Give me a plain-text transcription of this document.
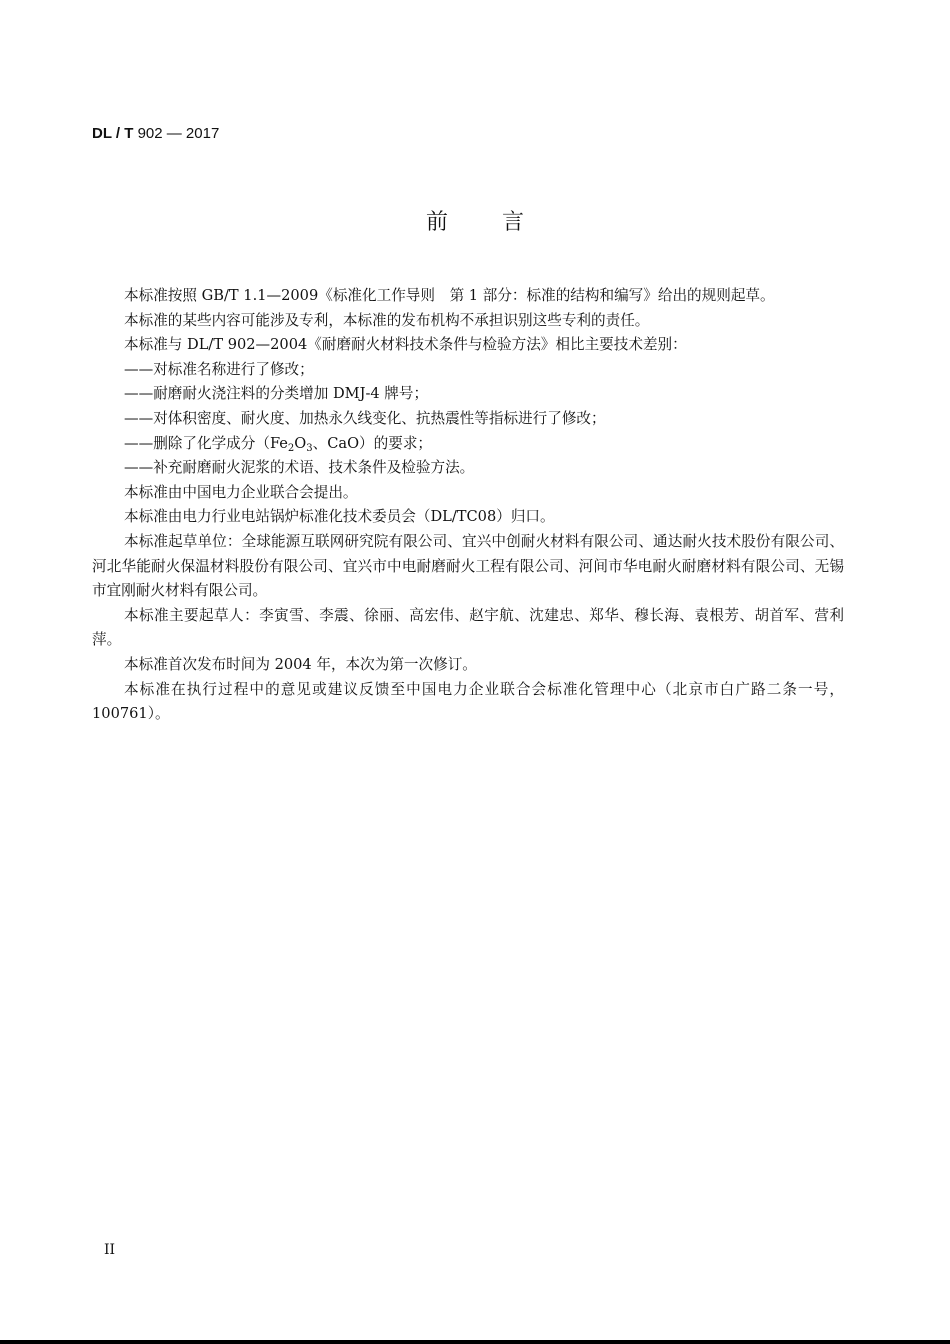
DL / T 902 — 2017
前言

本标准按照 GB/T 1.1—2009《标准化工作导则　第 1 部分：标准的结构和编写》给出的规则起草。

本标准的某些内容可能涉及专利，本标准的发布机构不承担识别这些专利的责任。

本标准与 DL/T 902—2004《耐磨耐火材料技术条件与检验方法》相比主要技术差别：

——对标准名称进行了修改；

——耐磨耐火浇注料的分类增加 DMJ-4 牌号；

——对体积密度、耐火度、加热永久线变化、抗热震性等指标进行了修改；

——删除了化学成分（$Fe_2O_3$、CaO）的要求；

——补充耐磨耐火泥浆的术语、技术条件及检验方法。

本标准由中国电力企业联合会提出。

本标准由电力行业电站锅炉标准化技术委员会（DL/TC08）归口。

本标准起草单位：全球能源互联网研究院有限公司、宜兴中创耐火材料有限公司、通达耐火技术股份有限公司、河北华能耐火保温材料股份有限公司、宜兴市中电耐磨耐火工程有限公司、河间市华电耐火耐磨材料有限公司、无锡市宜刚耐火材料有限公司。

本标准主要起草人：李寅雪、李震、徐丽、高宏伟、赵宇航、沈建忠、郑华、穆长海、袁根芳、胡首军、营利萍。

本标准首次发布时间为 2004 年，本次为第一次修订。

本标准在执行过程中的意见或建议反馈至中国电力企业联合会标准化管理中心（北京市白广路二条一号，100761）。

II
